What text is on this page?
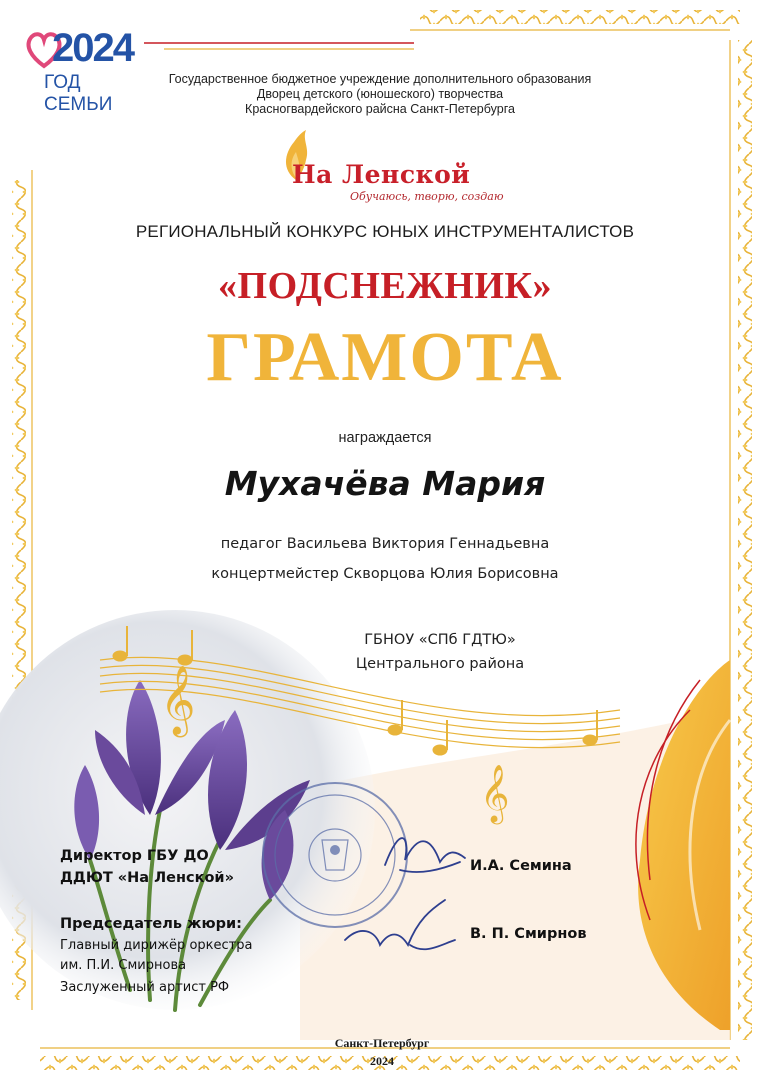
2024
ГОД СЕМЬИ
Государственное бюджетное учреждение дополнительного образования
Дворец детского (юношеского) творчества
Красногвардейского райсна Санкт-Петербурга
На Ленской
Обучаюсь, творю, создаю
РЕГИОНАЛЬНЫЙ КОНКУРС ЮНЫХ ИНСТРУМЕНТАЛИСТОВ
«ПОДСНЕЖНИК»
ГРАМОТА
награждается
Мухачёва Мария
педагог Васильева Виктория Геннадьевна
концертмейстер Скворцова Юлия Борисовна
ГБНОУ «СПб ГДТЮ»
Центрального района
𝄞
𝄞
Директор ГБУ ДО
ДДЮТ «На Ленской»
И.А. Семина
Председатель жюри:
Главный дирижёр оркестра
им. П.И. Смирнова
Заслуженный артист РФ
В. П. Смирнов
Санкт-Петербург
2024
